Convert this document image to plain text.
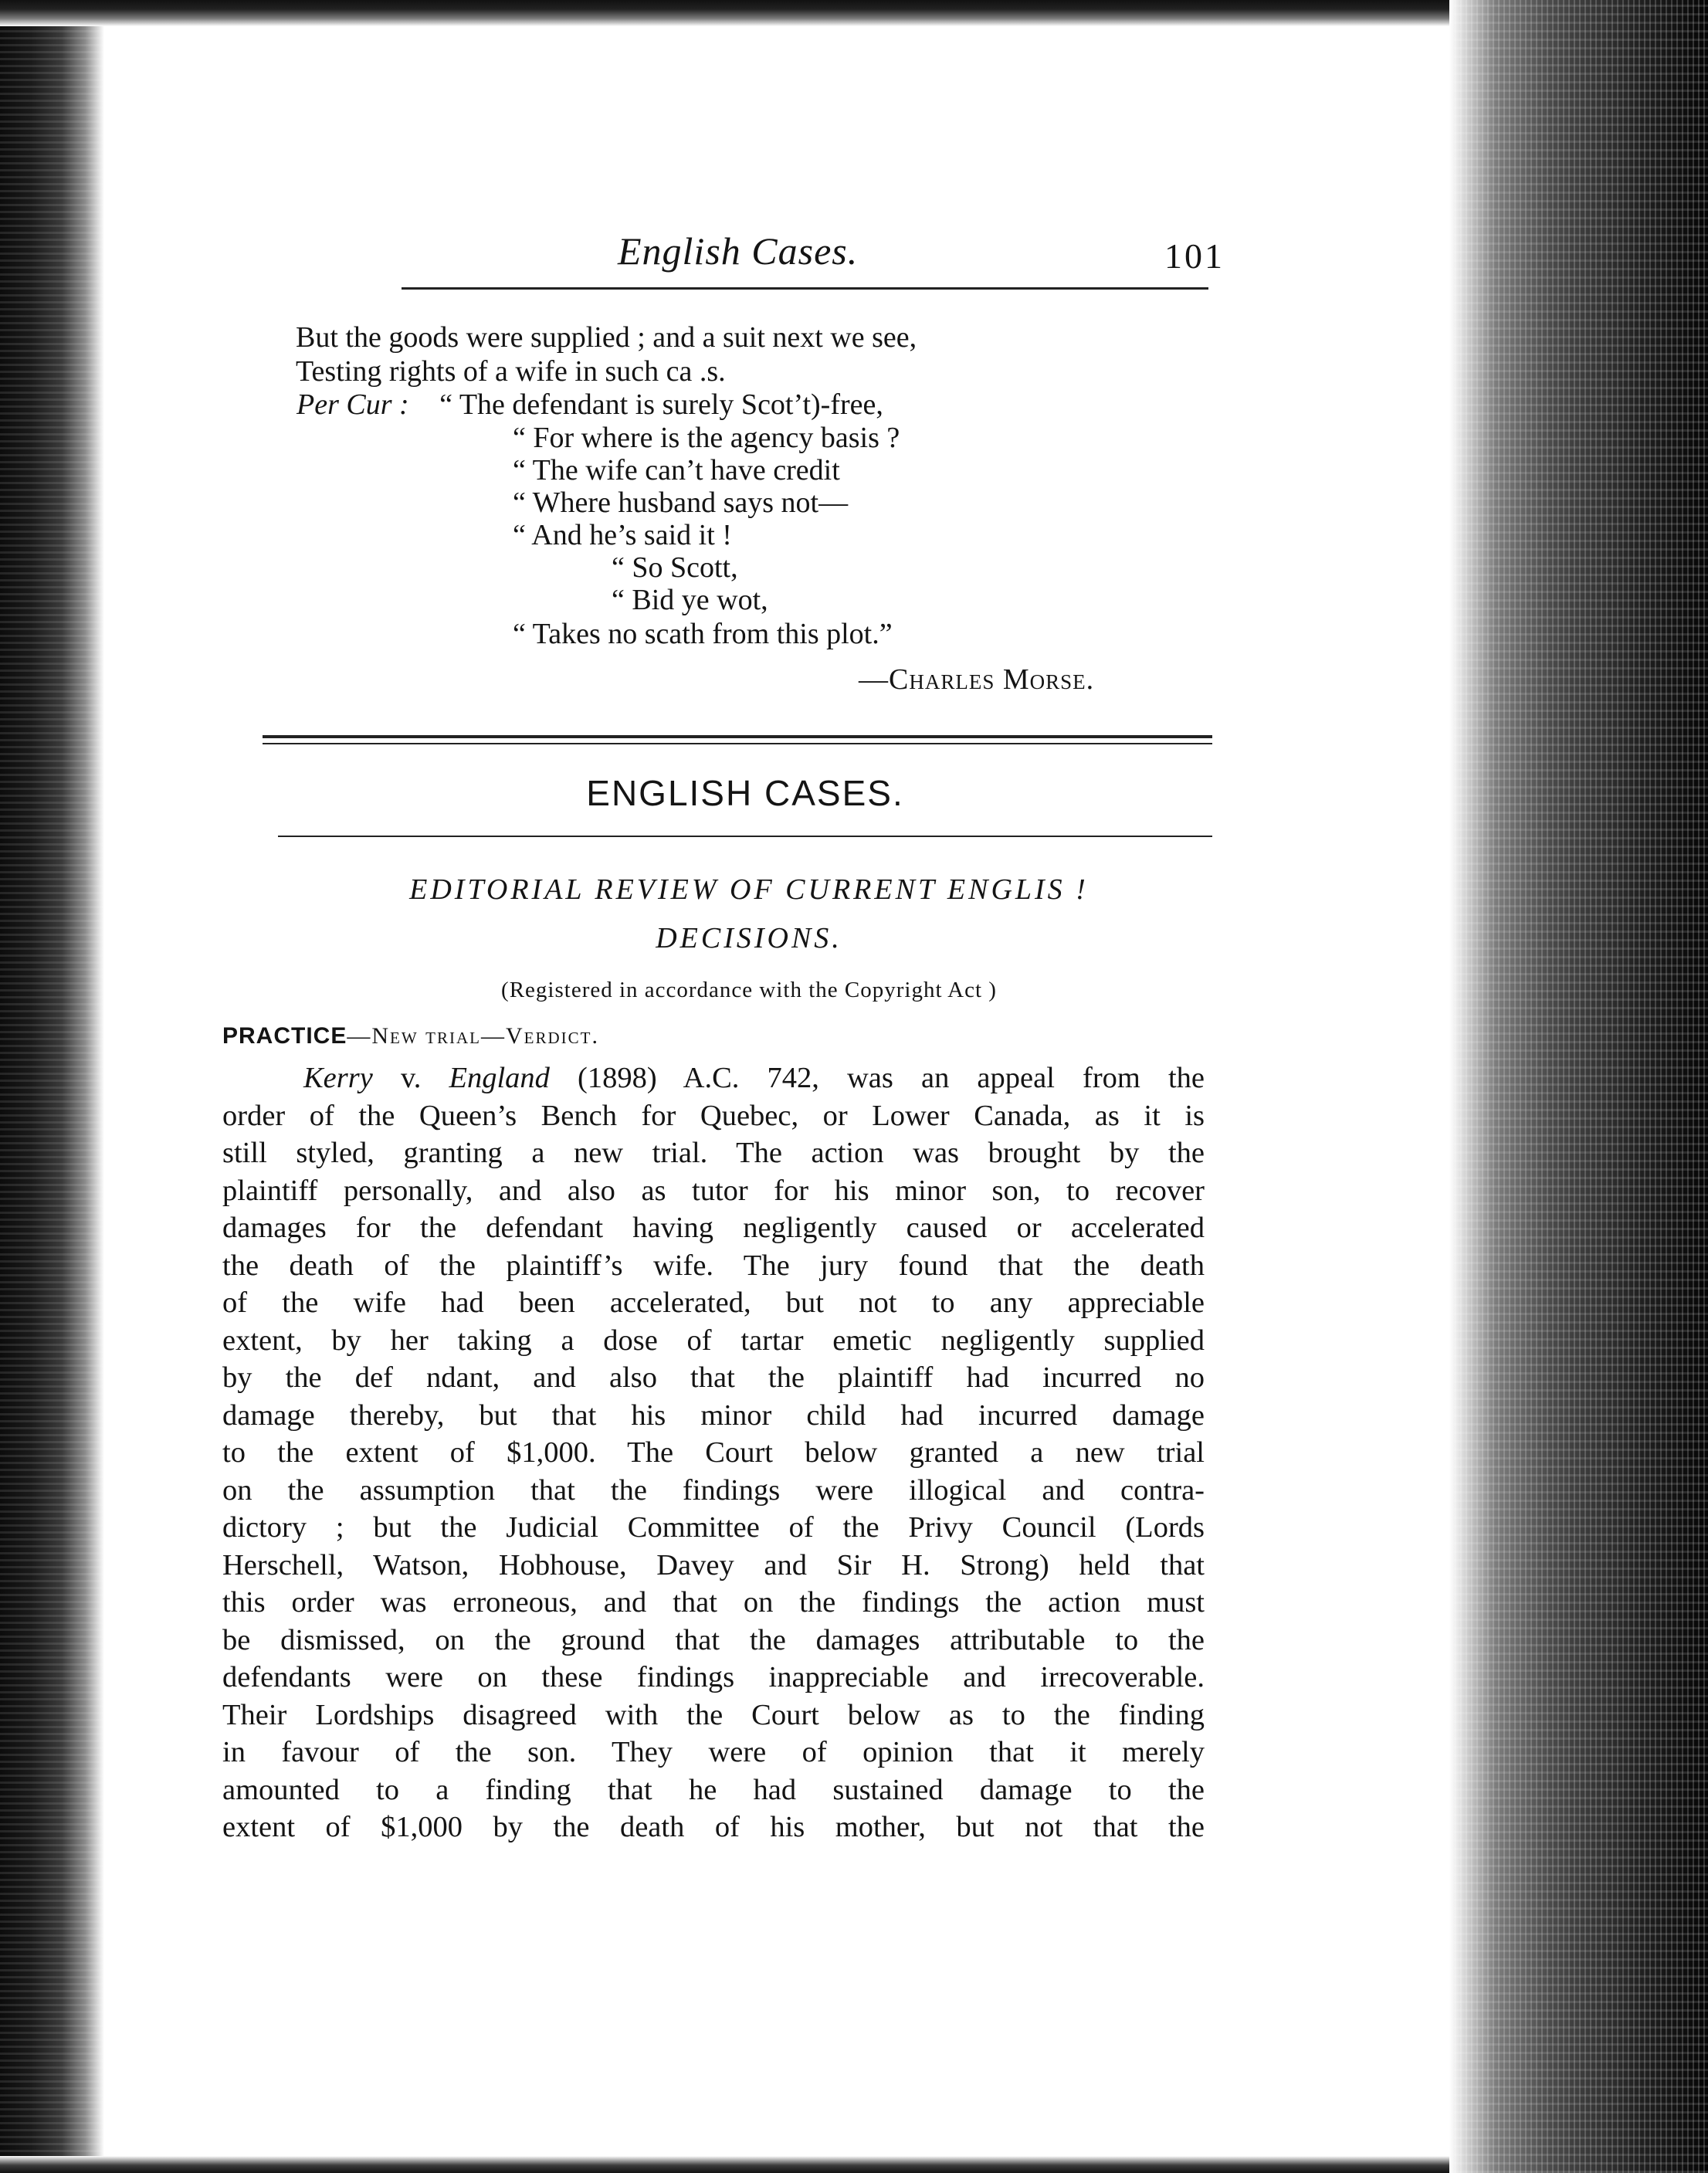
English Cases.	101
But the goods were supplied ; and a suit next we see,
Testing rights of a wife in such ca .s.
Per Cur : “ The defendant is surely Scot’t)-free,
“ For where is the agency basis ?
“ The wife can’t have credit
“ Where husband says not—
“ And he’s said it !
“ So Scott,
“ Bid ye wot,
“ Takes no scath from this plot.”
—Charles Morse.
ENGLISH CASES.
EDITORIAL REVIEW OF CURRENT ENGLIS !
DECISIONS.
(Registered in accordance with the Copyright Act )
PRACTICE—New trial—Verdict.
Kerry v. England (1898) A.C. 742, was an appeal from the
order of the Queen’s Bench for Quebec, or Lower Canada, as it is
still styled, granting a new trial. The action was brought by the
plaintiff personally, and also as tutor for his minor son, to recover
damages for the defendant having negligently caused or accelerated
the death of the plaintiff’s wife. The jury found that the death
of the wife had been accelerated, but not to any appreciable
extent, by her taking a dose of tartar emetic negligently supplied
by the def ndant, and also that the plaintiff had incurred no
damage thereby, but that his minor child had incurred damage
to the extent of $1,000. The Court below granted a new trial
on the assumption that the findings were illogical and contra-
dictory ; but the Judicial Committee of the Privy Council (Lords
Herschell, Watson, Hobhouse, Davey and Sir H. Strong) held that
this order was erroneous, and that on the findings the action must
be dismissed, on the ground that the damages attributable to the
defendants were on these findings inappreciable and irrecoverable.
Their Lordships disagreed with the Court below as to the finding
in favour of the son. They were of opinion that it merely
amounted to a finding that he had sustained damage to the
extent of $1,000 by the death of his mother, but not that the
